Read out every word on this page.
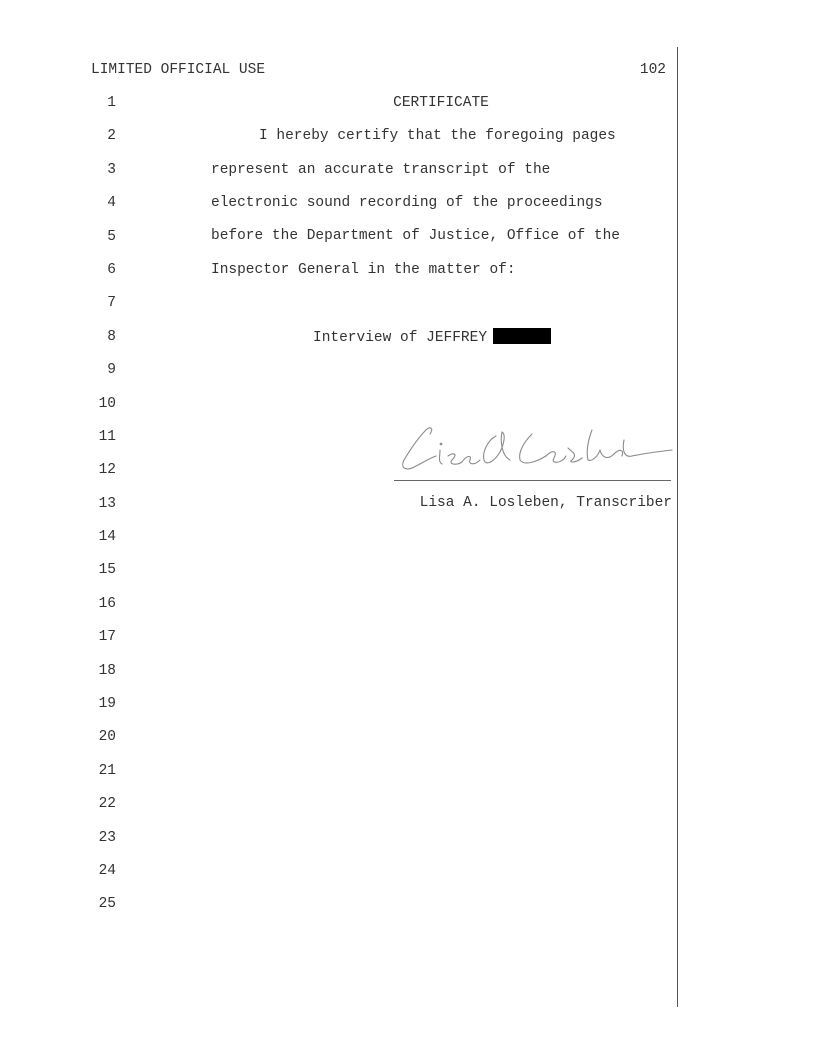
LIMITED OFFICIAL USE	102
1
2
3
4
5
6
7
8
9
10
11
12
13
14
15
16
17
18
19
20
21
22
23
24
25
CERTIFICATE
I hereby certify that the foregoing pages
represent an accurate transcript of the
electronic sound recording of the proceedings
before the Department of Justice, Office of the
Inspector General in the matter of:
Interview of JEFFREY
Lisa A. Losleben, Transcriber
